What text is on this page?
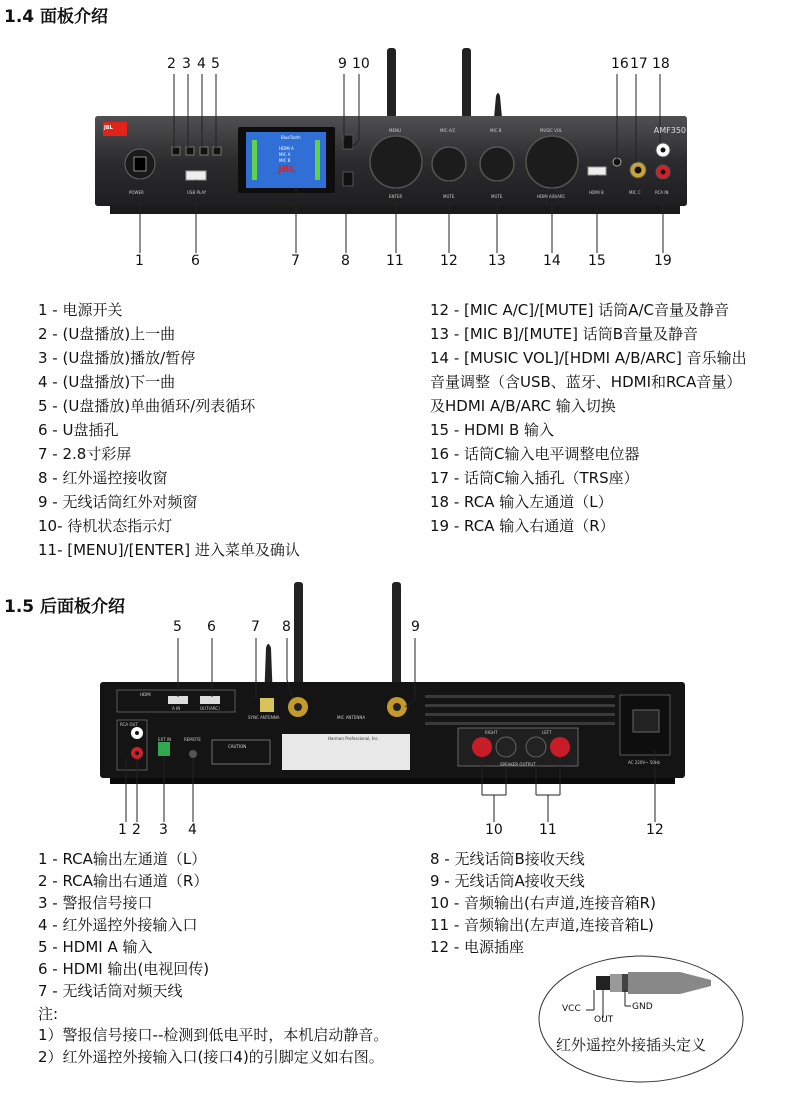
1.4 面板介绍
2 3 4 5	9 10	16 17 18
AMF350
POWER	USB PLAY
BlueTooth
HDMI A
MIC A
MIC B
JBL
MENU	MIC A/C	MIC B	MUSIC VOL
ENTER	MUTE	MUTE	HDMI A/B/ARC
HDMI B	MIC C	RCA IN
JBL
1	6	7	8	11	12 13	14 15	19
1 - 电源开关
2 - (U盘播放)上一曲
3 - (U盘播放)播放/暂停
4 - (U盘播放)下一曲
5 - (U盘播放)单曲循环/列表循环
6 - U盘插孔
7 - 2.8寸彩屏
8 - 红外遥控接收窗
9 - 无线话筒红外对频窗
10- 待机状态指示灯
11- [MENU]/[ENTER] 进入菜单及确认
12 - [MIC A/C]/[MUTE] 话筒A/C音量及静音
13 - [MIC B]/[MUTE] 话筒B音量及静音
14 - [MUSIC VOL]/[HDMI A/B/ARC] 音乐输出
音量调整（含USB、蓝牙、HDMI和RCA音量）
及HDMI A/B/ARC 输入切换
15 - HDMI B 输入
16 - 话筒C输入电平调整电位器
17 - 话筒C输入插孔（TRS座）
18 - RCA 输入左通道（L）
19 - RCA 输入右通道（R）
1.5 后面板介绍
5 6	7 8	9
HDMI
A IN	OUT(ARC)
RCA OUT
EXT IN	REMOTE
SYNC ANTENNA	MIC ANTENNA
CAUTION
Harman Professional, Inc.
RIGHT	LEFT
SPEAKER OUTPUT	AC 220V~ 50Hz
1 2 3 4	10	11	12
1 - RCA输出左通道（L）
2 - RCA输出右通道（R）
3 - 警报信号接口
4 - 红外遥控外接输入口
5 - HDMI A 输入
6 - HDMI 输出(电视回传)
7 - 无线话筒对频天线
8 - 无线话筒B接收天线
9 - 无线话筒A接收天线
10 - 音频输出(右声道,连接音箱R)
11 - 音频输出(左声道,连接音箱L)
12 - 电源插座
注:
1）警报信号接口--检测到低电平时，本机启动静音。
2）红外遥控外接输入口(接口4)的引脚定义如右图。
VCC
OUT
GND
红外遥控外接插头定义
